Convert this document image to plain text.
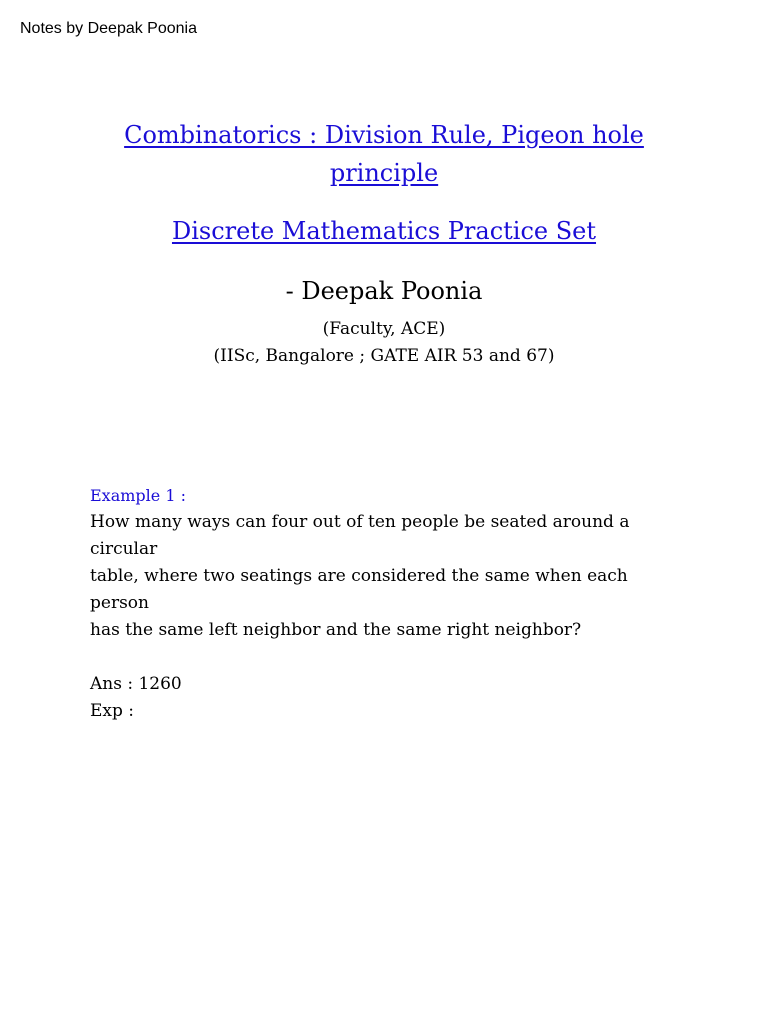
Notes by Deepak Poonia
Combinatorics : Division Rule, Pigeon hole
principle
Discrete Mathematics Practice Set
- Deepak Poonia
(Faculty, ACE)
(IISc, Bangalore ; GATE AIR 53 and 67)
Example 1 :
How many ways can four out of ten people be seated around a circular
table, where two seatings are considered the same when each person
has the same left neighbor and the same right neighbor?
Ans : 1260
Exp :
